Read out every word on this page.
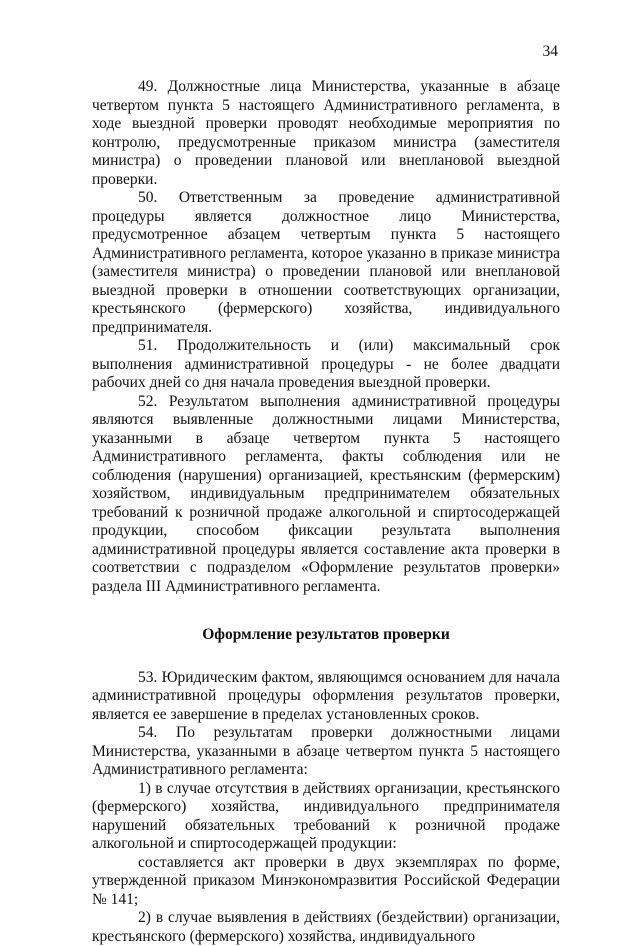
34

49. Должностные лица Министерства, указанные в абзаце четвертом пункта 5 настоящего Административного регламента, в ходе выездной проверки проводят необходимые мероприятия по контролю, предусмотренные приказом министра (заместителя министра) о проведении плановой или внеплановой выездной проверки.

50. Ответственным за проведение административной процедуры является должностное лицо Министерства, предусмотренное абзацем четвертым пункта 5 настоящего Административного регламента, которое указанно в приказе министра (заместителя министра) о проведении плановой или внеплановой выездной проверки в отношении соответствующих организации, крестьянского (фермерского) хозяйства, индивидуального предпринимателя.

51. Продолжительность и (или) максимальный срок выполнения административной процедуры - не более двадцати рабочих дней со дня начала проведения выездной проверки.

52. Результатом выполнения административной процедуры являются выявленные должностными лицами Министерства, указанными в абзаце четвертом пункта 5 настоящего Административного регламента, факты соблюдения или не соблюдения (нарушения) организацией, крестьянским (фермерским) хозяйством, индивидуальным предпринимателем обязательных требований к розничной продаже алкогольной и спиртосодержащей продукции, способом фиксации результата выполнения административной процедуры является составление акта проверки в соответствии с подразделом «Оформление результатов проверки» раздела III Административного регламента.

Оформление результатов проверки

53. Юридическим фактом, являющимся основанием для начала административной процедуры оформления результатов проверки, является ее завершение в пределах установленных сроков.

54. По результатам проверки должностными лицами Министерства, указанными в абзаце четвертом пункта 5 настоящего Административного регламента:

1) в случае отсутствия в действиях организации, крестьянского (фермерского) хозяйства, индивидуального предпринимателя нарушений обязательных требований к розничной продаже алкогольной и спиртосодержащей продукции:

составляется акт проверки в двух экземплярах по форме, утвержденной приказом Минэкономразвития Российской Федерации № 141;

2) в случае выявления в действиях (бездействии) организации, крестьянского (фермерского) хозяйства, индивидуального
